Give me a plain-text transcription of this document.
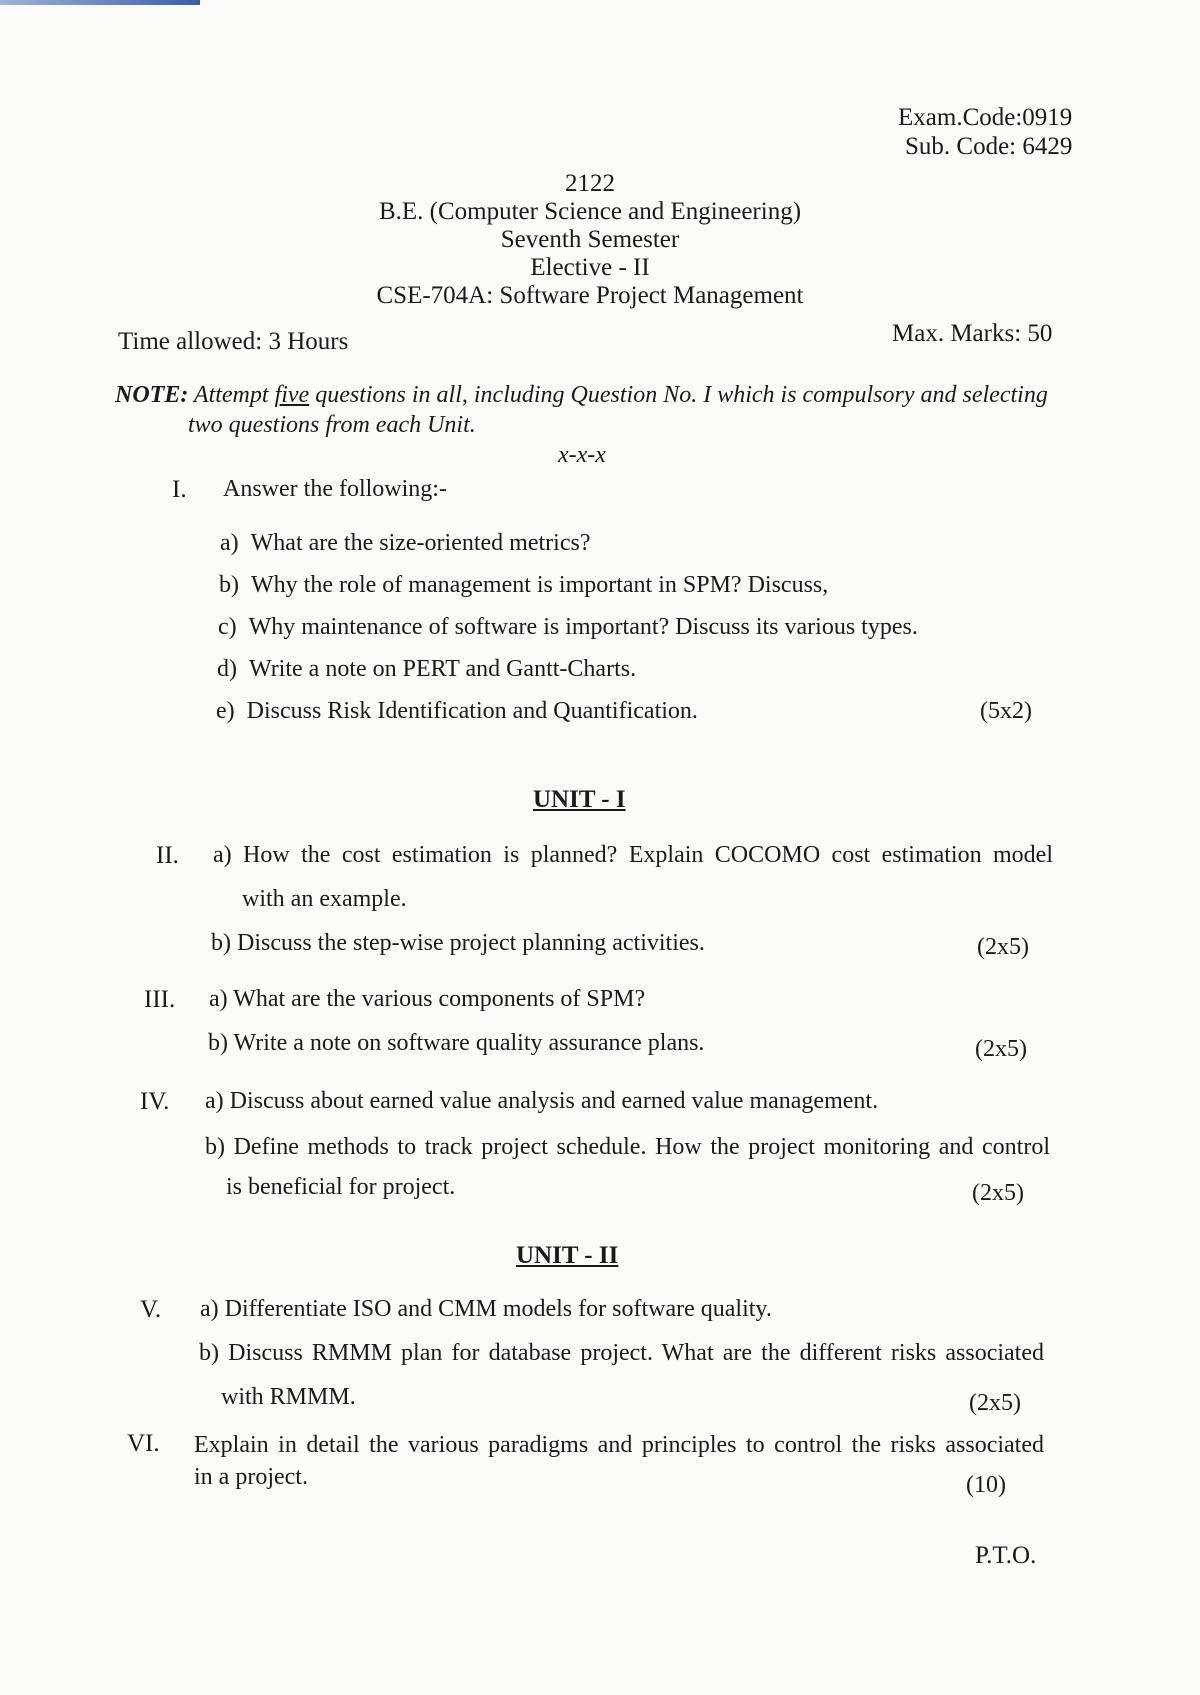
Exam.Code:0919
Sub. Code: 6429
2122
B.E. (Computer Science and Engineering)
Seventh Semester
Elective - II
CSE-704A: Software Project Management
Time allowed: 3 Hours	Max. Marks: 50
NOTE: Attempt five questions in all, including Question No. I which is compulsory and selecting
two questions from each Unit.
x-x-x
I. Answer the following:-
a) What are the size-oriented metrics?
b) Why the role of management is important in SPM? Discuss,
c) Why maintenance of software is important? Discuss its various types.
d) Write a note on PERT and Gantt-Charts.
e) Discuss Risk Identification and Quantification.	(5x2)
UNIT - I
II. a) How the cost estimation is planned? Explain COCOMO cost estimation model
with an example.
b) Discuss the step-wise project planning activities.	(2x5)
III. a) What are the various components of SPM?
b) Write a note on software quality assurance plans.	(2x5)
IV. a) Discuss about earned value analysis and earned value management.
b) Define methods to track project schedule. How the project monitoring and control
is beneficial for project.	(2x5)
UNIT - II
V. a) Differentiate ISO and CMM models for software quality.
b) Discuss RMMM plan for database project. What are the different risks associated
with RMMM.	(2x5)
VI. Explain in detail the various paradigms and principles to control the risks associated
in a project.	(10)
P.T.O.
